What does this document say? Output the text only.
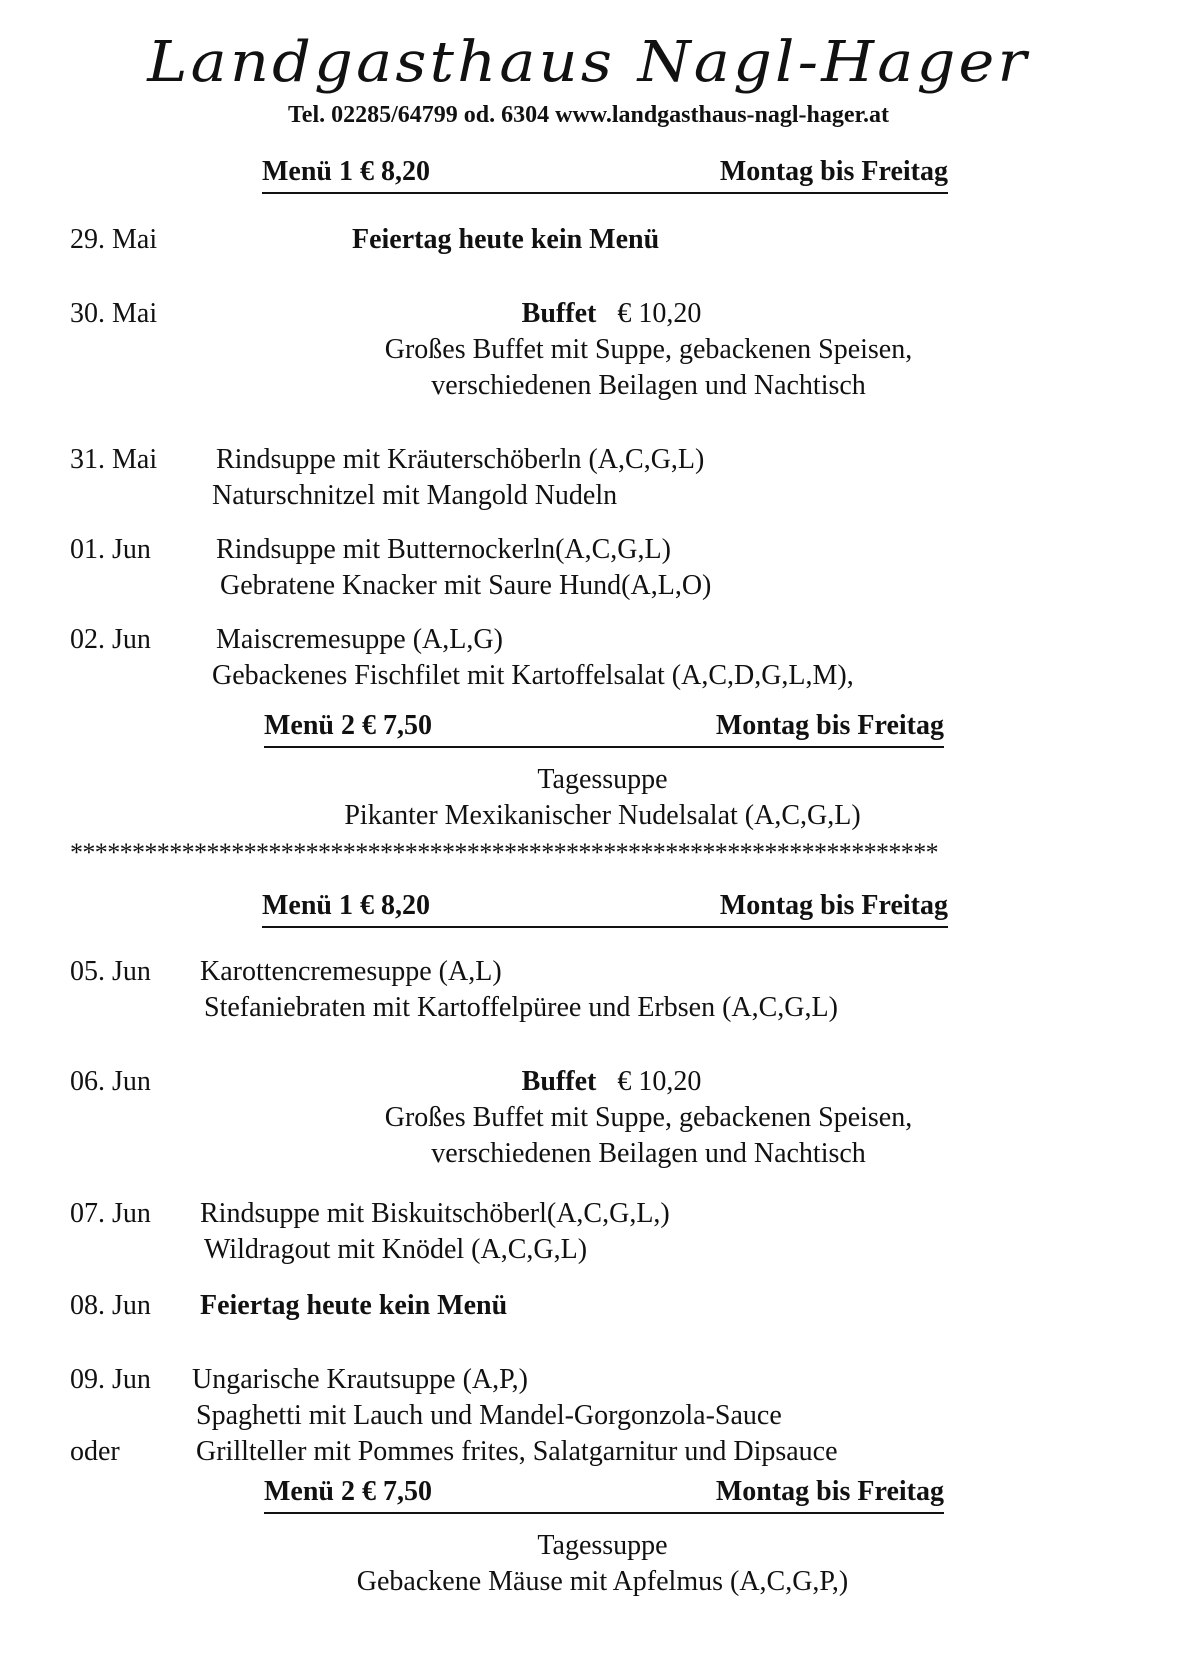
Landgasthaus Nagl-Hager
Tel. 02285/64799 od. 6304 www.landgasthaus-nagl-hager.at
Menü 1 € 8,20	Montag bis Freitag
29. Mai	Feiertag heute kein Menü
30. Mai	Buffet € 10,20
Großes Buffet mit Suppe, gebackenen Speisen,
verschiedenen Beilagen und Nachtisch
31. Mai Rindsuppe mit Kräuterschöberln (A,C,G,L)
Naturschnitzel mit Mangold Nudeln
01. Jun Rindsuppe mit Butternockerln(A,C,G,L)
Gebratene Knacker mit Saure Hund(A,L,O)
02. Jun Maiscremesuppe (A,L,G)
Gebackenes Fischfilet mit Kartoffelsalat (A,C,D,G,L,M),
Menü 2 € 7,50	Montag bis Freitag
Tagessuppe
Pikanter Mexikanischer Nudelsalat (A,C,G,L)
**********************************************************************
Menü 1 € 8,20	Montag bis Freitag
05. Jun Karottencremesuppe (A,L)
Stefaniebraten mit Kartoffelpüree und Erbsen (A,C,G,L)
06. Jun	Buffet € 10,20
Großes Buffet mit Suppe, gebackenen Speisen,
verschiedenen Beilagen und Nachtisch
07. Jun Rindsuppe mit Biskuitschöberl(A,C,G,L,)
Wildragout mit Knödel (A,C,G,L)
08. Jun Feiertag heute kein Menü
09. Jun Ungarische Krautsuppe (A,P,)
Spaghetti mit Lauch und Mandel-Gorgonzola-Sauce
oder	Grillteller mit Pommes frites, Salatgarnitur und Dipsauce
Menü 2 € 7,50	Montag bis Freitag
Tagessuppe
Gebackene Mäuse mit Apfelmus (A,C,G,P,)
